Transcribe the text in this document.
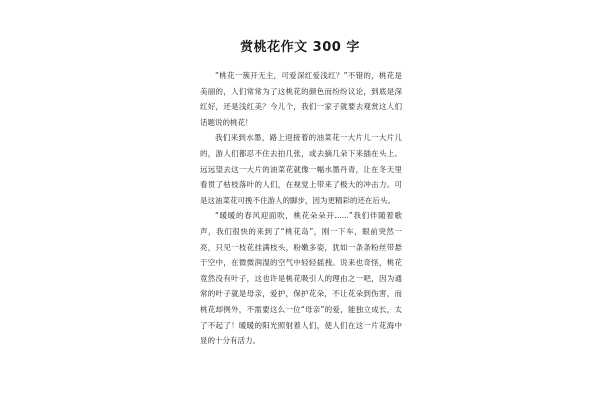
赏桃花作文 300 字

“桃花一簇开无主，可爱深红爱浅红？”不错的，桃花是美丽的，人们常常为了这桃花的颜色而纷纷议论，到底是深红好，还是浅红美？今儿个，我们一家子就要去观赏这人们话题说的桃花！

我们来到水墨，路上迎接着的油菜花一大片儿一大片儿的，游人们都忍不住去拍几张，或去摘几朵下来插在头上。远远望去这一大片的油菜花就像一幅水墨丹青，让在冬天里看贯了枯枝落叶的人们，在视觉上带来了极大的冲击力。可是这油菜花可挽不住游人的脚步，因为更精彩的还在后头。

“暖暖的春风迎面吹，桃花朵朵开......”我们伴随着歌声，我们很快的来到了“桃花岛”，刚一下车，眼前突然一亮，只见一枝花挂满枝头，粉嫩多姿，犹如一条条粉丝带悬于空中，在微微润湿的空气中轻轻摇拽。说来也奇怪，桃花竟然没有叶子，这也许是桃花吸引人的理由之一吧，因为通常的叶子就是母亲，爱护，保护花朵，不让花朵到伤害，而桃花却例外，不需要这么一位“母亲”的爱，能独立成长，太了不起了！暖暖的阳光照射着人们，使人们在这一片花海中显的十分有活力。
